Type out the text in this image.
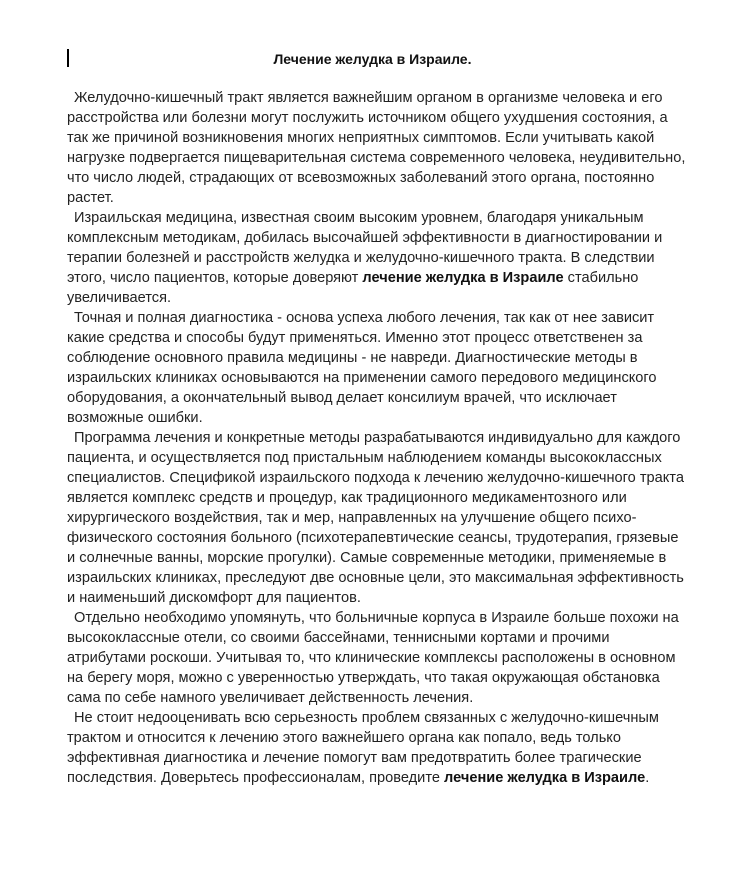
Лечение желудка в Израиле.

Желудочно-кишечный тракт является важнейшим органом в организме человека и его расстройства или болезни могут послужить источником общего ухудшения состояния, а так же причиной возникновения многих неприятных симптомов. Если учитывать какой нагрузке подвергается пищеварительная система современного человека, неудивительно, что число людей, страдающих от всевозможных заболеваний этого органа, постоянно растет.

Израильская медицина, известная своим высоким уровнем, благодаря уникальным комплексным методикам, добилась высочайшей эффективности в диагностировании и терапии болезней и расстройств желудка и желудочно-кишечного тракта. В следствии этого, число пациентов, которые доверяют лечение желудка в Израиле стабильно увеличивается.

Точная и полная диагностика - основа успеха любого лечения, так как от нее зависит какие средства и способы будут применяться. Именно этот процесс ответственен за соблюдение основного правила медицины - не навреди. Диагностические методы в израильских клиниках основываются на применении самого передового медицинского оборудования, а окончательный вывод делает консилиум врачей, что исключает возможные ошибки.

Программа лечения и конкретные методы разрабатываются индивидуально для каждого пациента, и осуществляется под пристальным наблюдением команды высококлассных специалистов. Спецификой израильского подхода к лечению желудочно-кишечного тракта является комплекс средств и процедур, как традиционного медикаментозного или хирургического воздействия, так и мер, направленных на улучшение общего психо-физического состояния больного (психотерапевтические сеансы, трудотерапия, грязевые и солнечные ванны, морские прогулки). Самые современные методики, применяемые в израильских клиниках, преследуют две основные цели, это максимальная эффективность и наименьший дискомфорт для пациентов.

Отдельно необходимо упомянуть, что больничные корпуса в Израиле больше похожи на высококлассные отели, со своими бассейнами, теннисными кортами и прочими атрибутами роскоши. Учитывая то, что клинические комплексы расположены в основном на берегу моря, можно с уверенностью утверждать, что такая окружающая обстановка сама по себе намного увеличивает действенность лечения.

Не стоит недооценивать всю серьезность проблем связанных с желудочно-кишечным трактом и относится к лечению этого важнейшего органа как попало, ведь только эффективная диагностика и лечение помогут вам предотвратить более трагические последствия. Доверьтесь профессионалам, проведите лечение желудка в Израиле.
